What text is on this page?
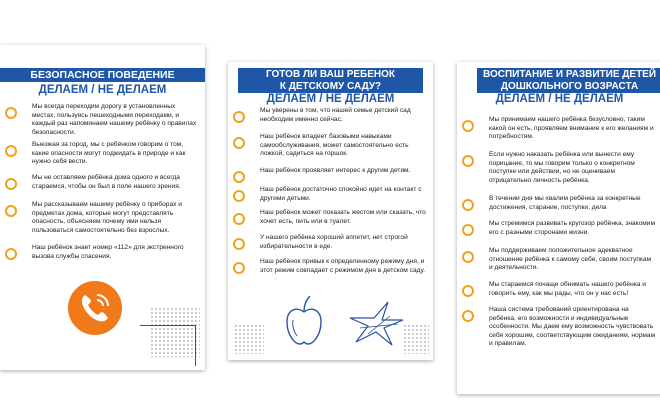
БЕЗОПАСНОЕ ПОВЕДЕНИЕ
ДЕЛАЕМ / НЕ ДЕЛАЕМ
Мы всегда переходим дорогу в установленных местах, пользуясь пешеходными переходами, и каждый раз напоминаем нашему ребёнку о правилах безопасности.
Выезжая за город, мы с ребёнком говорим о том, какие опасности могут поджидать в природе и как нужно себя вести.
Мы не оставляем ребёнка дома одного и всегда стараемся, чтобы он был в поле нашего зрения.
Мы рассказываем нашему ребёнку о приборах и предметах дома, которые могут представлять опасность, объясняем почему ими нельзя пользоваться самостоятельно без взрослых.
Наш ребёнок знает номер «112» для экстренного вызова службы спасения.
ГОТОВ ЛИ ВАШ РЕБЕНОК
К ДЕТСКОМУ САДУ?
ДЕЛАЕМ / НЕ ДЕЛАЕМ
Мы уверены в том, что нашей семье детский сад необходим именно сейчас.
Наш ребёнок владеет базовыми навыками самообслуживания, может самостоятельно есть ложкой, садиться на горшок.
Наш ребёнок проявляет интерес к другим детям.
Наш ребёнок достаточно спокойно идет на контакт с другими детьми.
Наш ребёнок может показать жестом или сказать, что хочет есть, пить или в туалет.
У нашего ребёнка хороший аппетит, нет строгой избирательности в еде.
Наш ребёнок привык к определенному режиму дня, и этот режим совпадает с режимом дня в детском саду.
ВОСПИТАНИЕ И РАЗВИТИЕ ДЕТЕЙ
ДОШКОЛЬНОГО ВОЗРАСТА
ДЕЛАЕМ / НЕ ДЕЛАЕМ
Мы принимаем нашего ребёнка безусловно, таким какой он есть, проявляем внимание к его желаниям и потребностям.
Если нужно наказать ребёнка или вынести ему порицание, то мы говорим только о конкретном поступке или действии, но не оцениваем отрицательно личность ребёнка.
В течении дня мы хвалим ребёнка за конкретные достижения, старание, поступки, дела
Мы стремимся развивать кругозор ребёнка, знакомим его с разными сторонами жизни.
Мы поддерживаем положительное адекватное отношение ребёнка к самому себе, своим поступкам и деятельности.
Мы стараемся почаще обнимать нашего ребёнка и говорить ему, как мы рады, что он у нас есть!
Наша система требований ориентирована на ребёнка, его возможности и индивидуальные особенности. Мы даем ему возможность чувствовать себя хорошим, соответствующим ожиданиям, нормам и правилам.
